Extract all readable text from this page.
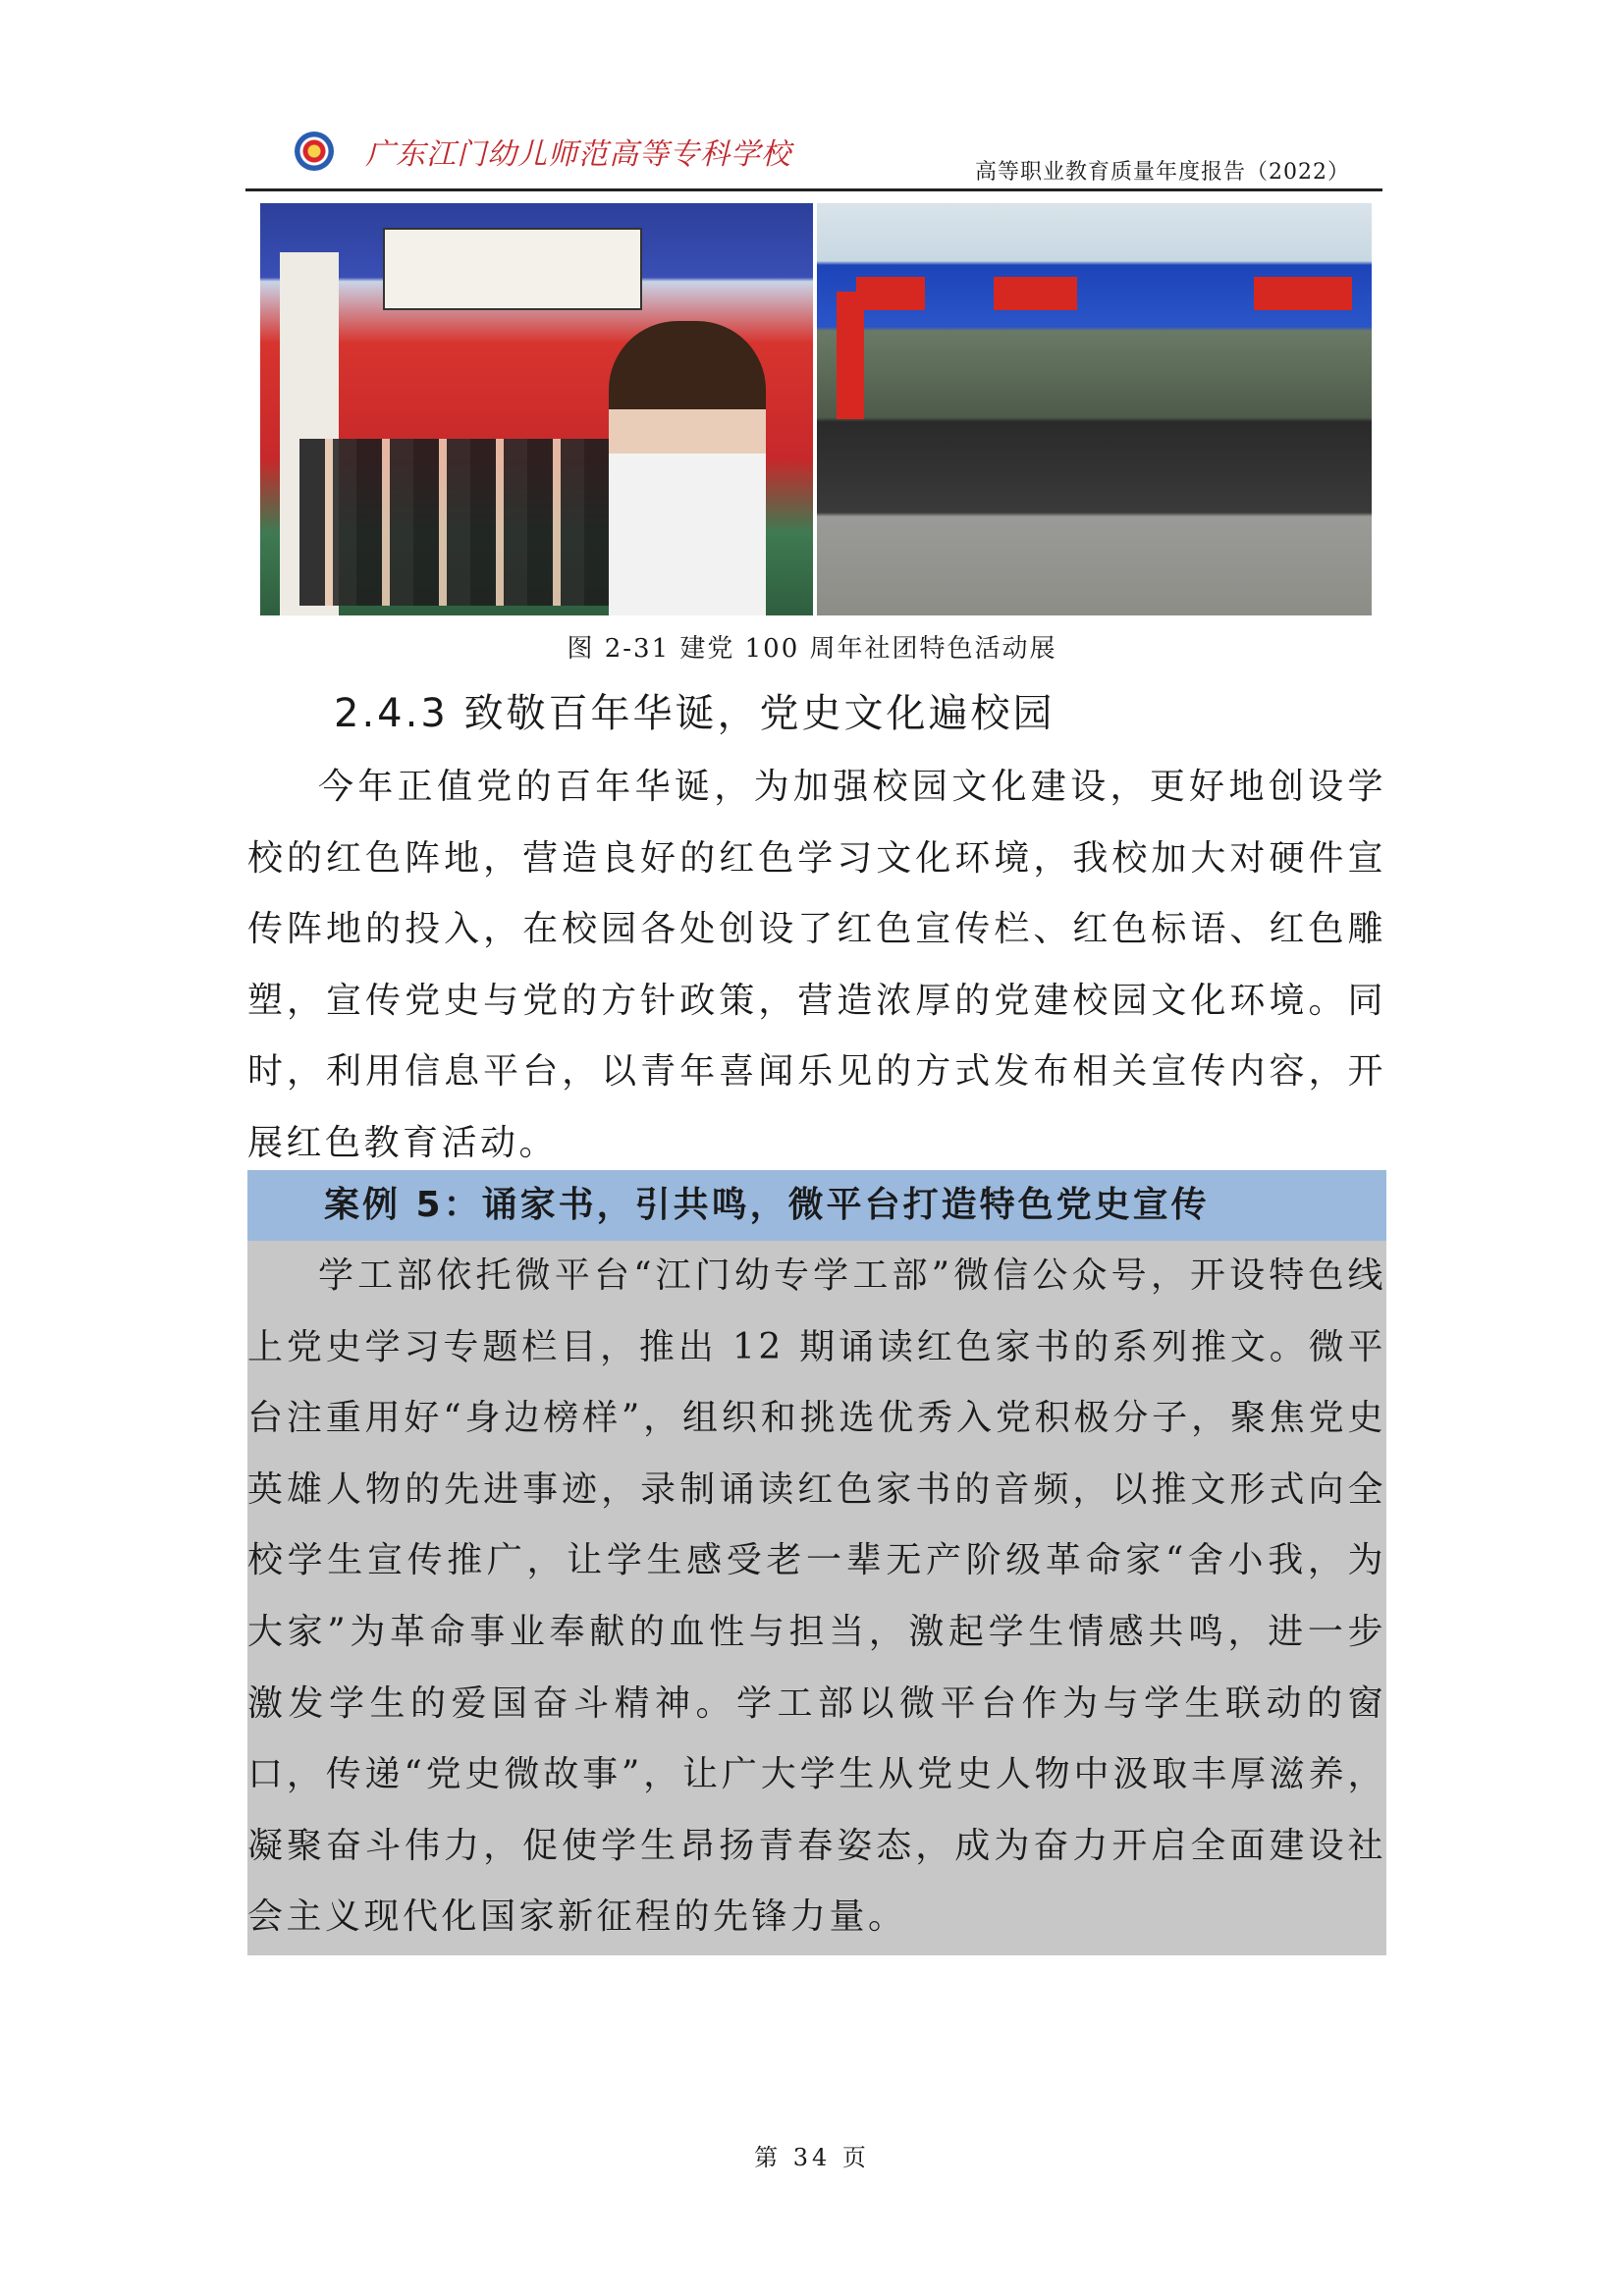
广东江门幼儿师范高等专科学校
高等职业教育质量年度报告（2022）
图 2-31 建党 100 周年社团特色活动展
2.4.3 致敬百年华诞，党史文化遍校园

今年正值党的百年华诞，为加强校园文化建设，更好地创设学校的红色阵地，营造良好的红色学习文化环境，我校加大对硬件宣传阵地的投入，在校园各处创设了红色宣传栏、红色标语、红色雕塑，宣传党史与党的方针政策，营造浓厚的党建校园文化环境。同时，利用信息平台，以青年喜闻乐见的方式发布相关宣传内容，开展红色教育活动。

案例 5：诵家书，引共鸣，微平台打造特色党史宣传

学工部依托微平台“江门幼专学工部”微信公众号，开设特色线上党史学习专题栏目，推出 12 期诵读红色家书的系列推文。微平台注重用好“身边榜样”，组织和挑选优秀入党积极分子，聚焦党史英雄人物的先进事迹，录制诵读红色家书的音频，以推文形式向全校学生宣传推广，让学生感受老一辈无产阶级革命家“舍小我，为大家”为革命事业奉献的血性与担当，激起学生情感共鸣，进一步激发学生的爱国奋斗精神。学工部以微平台作为与学生联动的窗口，传递“党史微故事”，让广大学生从党史人物中汲取丰厚滋养，凝聚奋斗伟力，促使学生昂扬青春姿态，成为奋力开启全面建设社会主义现代化国家新征程的先锋力量。

第 34 页
